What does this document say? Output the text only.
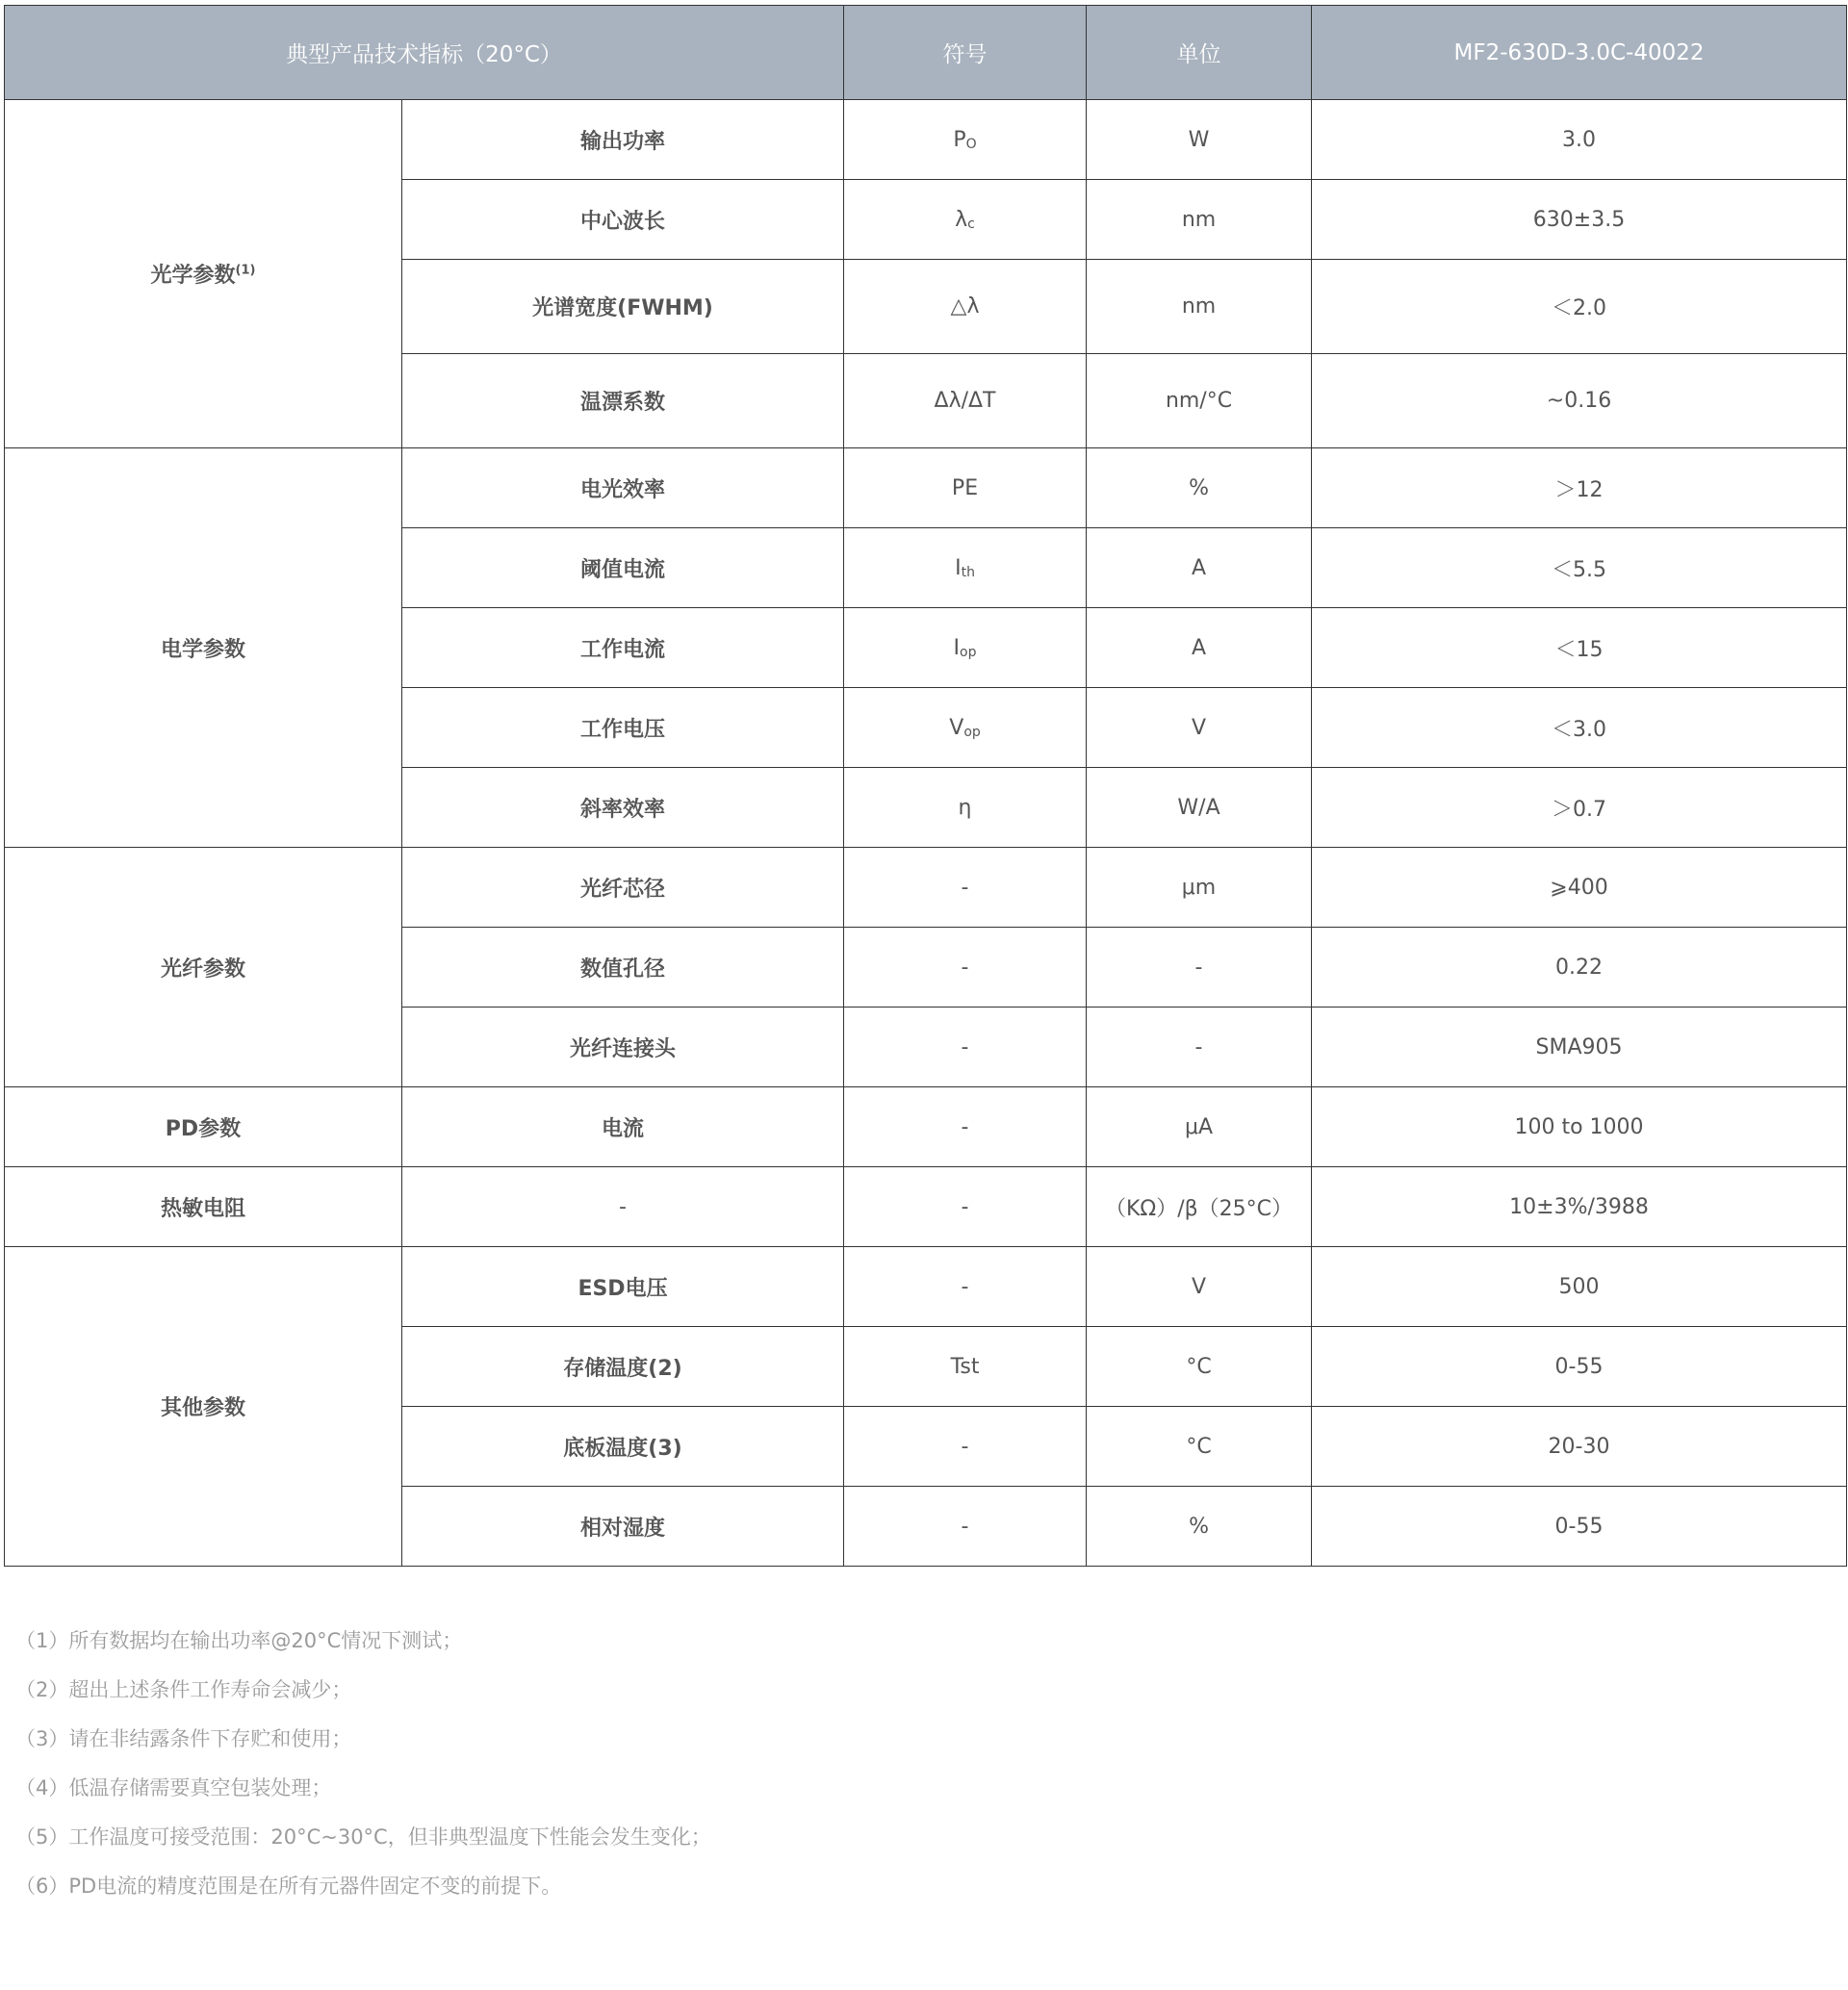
典型产品技术指标（20°C）		符号	单位	MF2-630D-3.0C-40022
光学参数$^{(1)}$	输出功率	$P_O$	W	3.0
	中心波长	$\lambda_c$	nm	630±3.5
	光谱宽度(FWHM)	△λ	nm	＜2.0
	温漂系数	Δλ/ΔT	nm/°C	~0.16
电学参数	电光效率	PE	%	＞12
	阈值电流	$I_{th}$	A	＜5.5
	工作电流	$I_{op}$	A	＜15
	工作电压	$V_{op}$	V	＜3.0
	斜率效率	η	W/A	＞0.7
光纤参数	光纤芯径	-	μm	⩾400
	数值孔径	-	-	0.22
	光纤连接头	-	-	SMA905
PD参数	电流	-	μA	100 to 1000
热敏电阻	-	-	（KΩ）/β（25°C）	10±3%/3988
其他参数	ESD电压	-	V	500
	存储温度(2)	Tst	°C	0-55
	底板温度(3)	-	°C	20-30
	相对湿度	-	%	0-55
（1）所有数据均在输出功率@20°C情况下测试；
（2）超出上述条件工作寿命会减少；
（3）请在非结露条件下存贮和使用；
（4）低温存储需要真空包装处理；
（5）工作温度可接受范围：20°C~30°C，但非典型温度下性能会发生变化；
（6）PD电流的精度范围是在所有元器件固定不变的前提下。
